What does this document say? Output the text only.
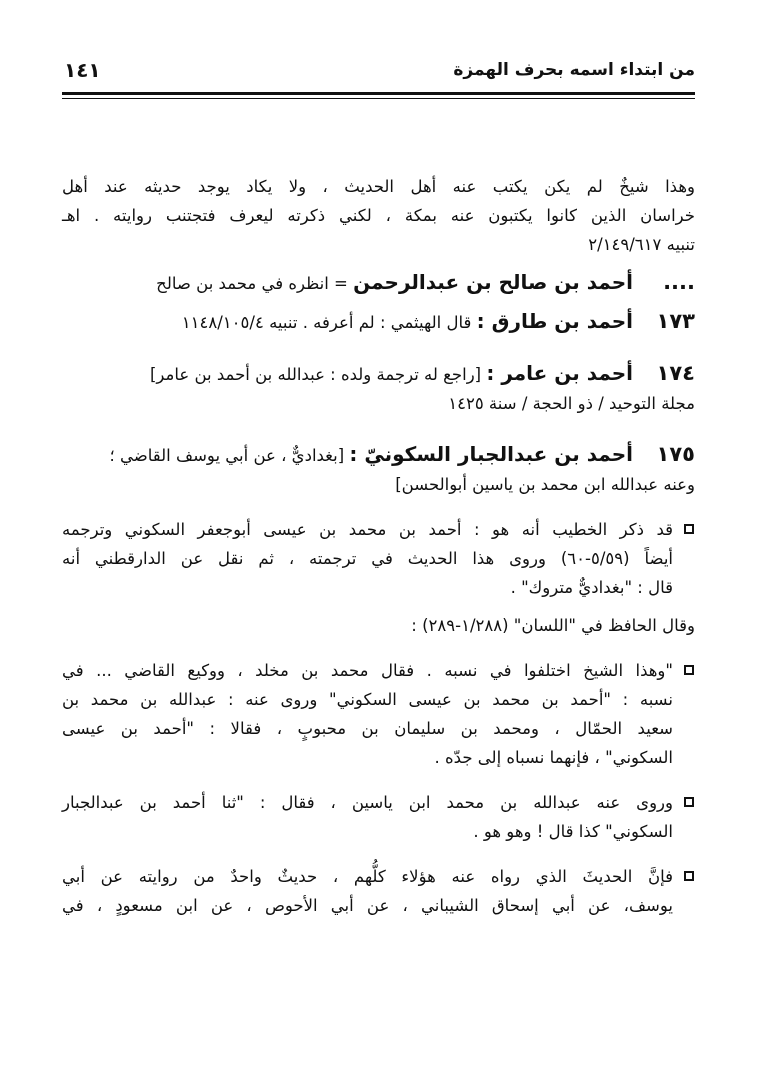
١٤١	من ابتداء اسمه بحرف الهمزة
وهذا شيخٌ لم يكن يكتب عنه أهل الحديث ، ولا يكاد يوجد حديثه عند أهل
خراسان الذين كانوا يكتبون عنه بمكة ، لكني ذكرته ليعرف فتجتنب روايته . اهـ
تنبيه ٢/١٤٩/٦١٧
....أحمد بن صالح بن عبدالرحمن = انظره في محمد بن صالح
١٧٣أحمد بن طارق : قال الهيثمي : لم أعرفه . تنبيه ١١٤٨/١٠٥/٤
١٧٤أحمد بن عامر : [راجع له ترجمة ولده : عبدالله بن أحمد بن عامر]
مجلة التوحيد / ذو الحجة / سنة ١٤٢٥
١٧٥أحمد بن عبدالجبار السكونيّ : [بغداديٌّ ، عن أبي يوسف القاضي ؛
وعنه عبدالله ابن محمد بن ياسين أبوالحسن]
قد ذكر الخطيب أنه هو : أحمد بن محمد بن عيسى أبوجعفر السكوني وترجمه
أيضاً (٥/٥٩-٦٠) وروى هذا الحديث في ترجمته ، ثم نقل عن الدارقطني أنه
قال : "بغداديٌّ متروك" .
وقال الحافظ في "اللسان" (١/٢٨٨-٢٨٩) :
"وهذا الشيخ اختلفوا في نسبه . فقال محمد بن مخلد ، ووكيع القاضي ... في
نسبه : "أحمد بن محمد بن عيسى السكوني" وروى عنه : عبدالله بن محمد بن
سعيد الحمّال ، ومحمد بن سليمان بن محبوبٍ ، فقالا : "أحمد بن عيسى
السكوني" ، فإنهما نسباه إلى جدّه .
وروى عنه عبدالله بن محمد ابن ياسين ، فقال : "ثنا أحمد بن عبدالجبار
السكوني" كذا قال ! وهو هو .
فإنَّ الحديثَ الذي رواه عنه هؤلاء كلُّهم ، حديثٌ واحدٌ من روايته عن أبي
يوسف، عن أبي إسحاق الشيباني ، عن أبي الأحوص ، عن ابن مسعودٍ ، في
